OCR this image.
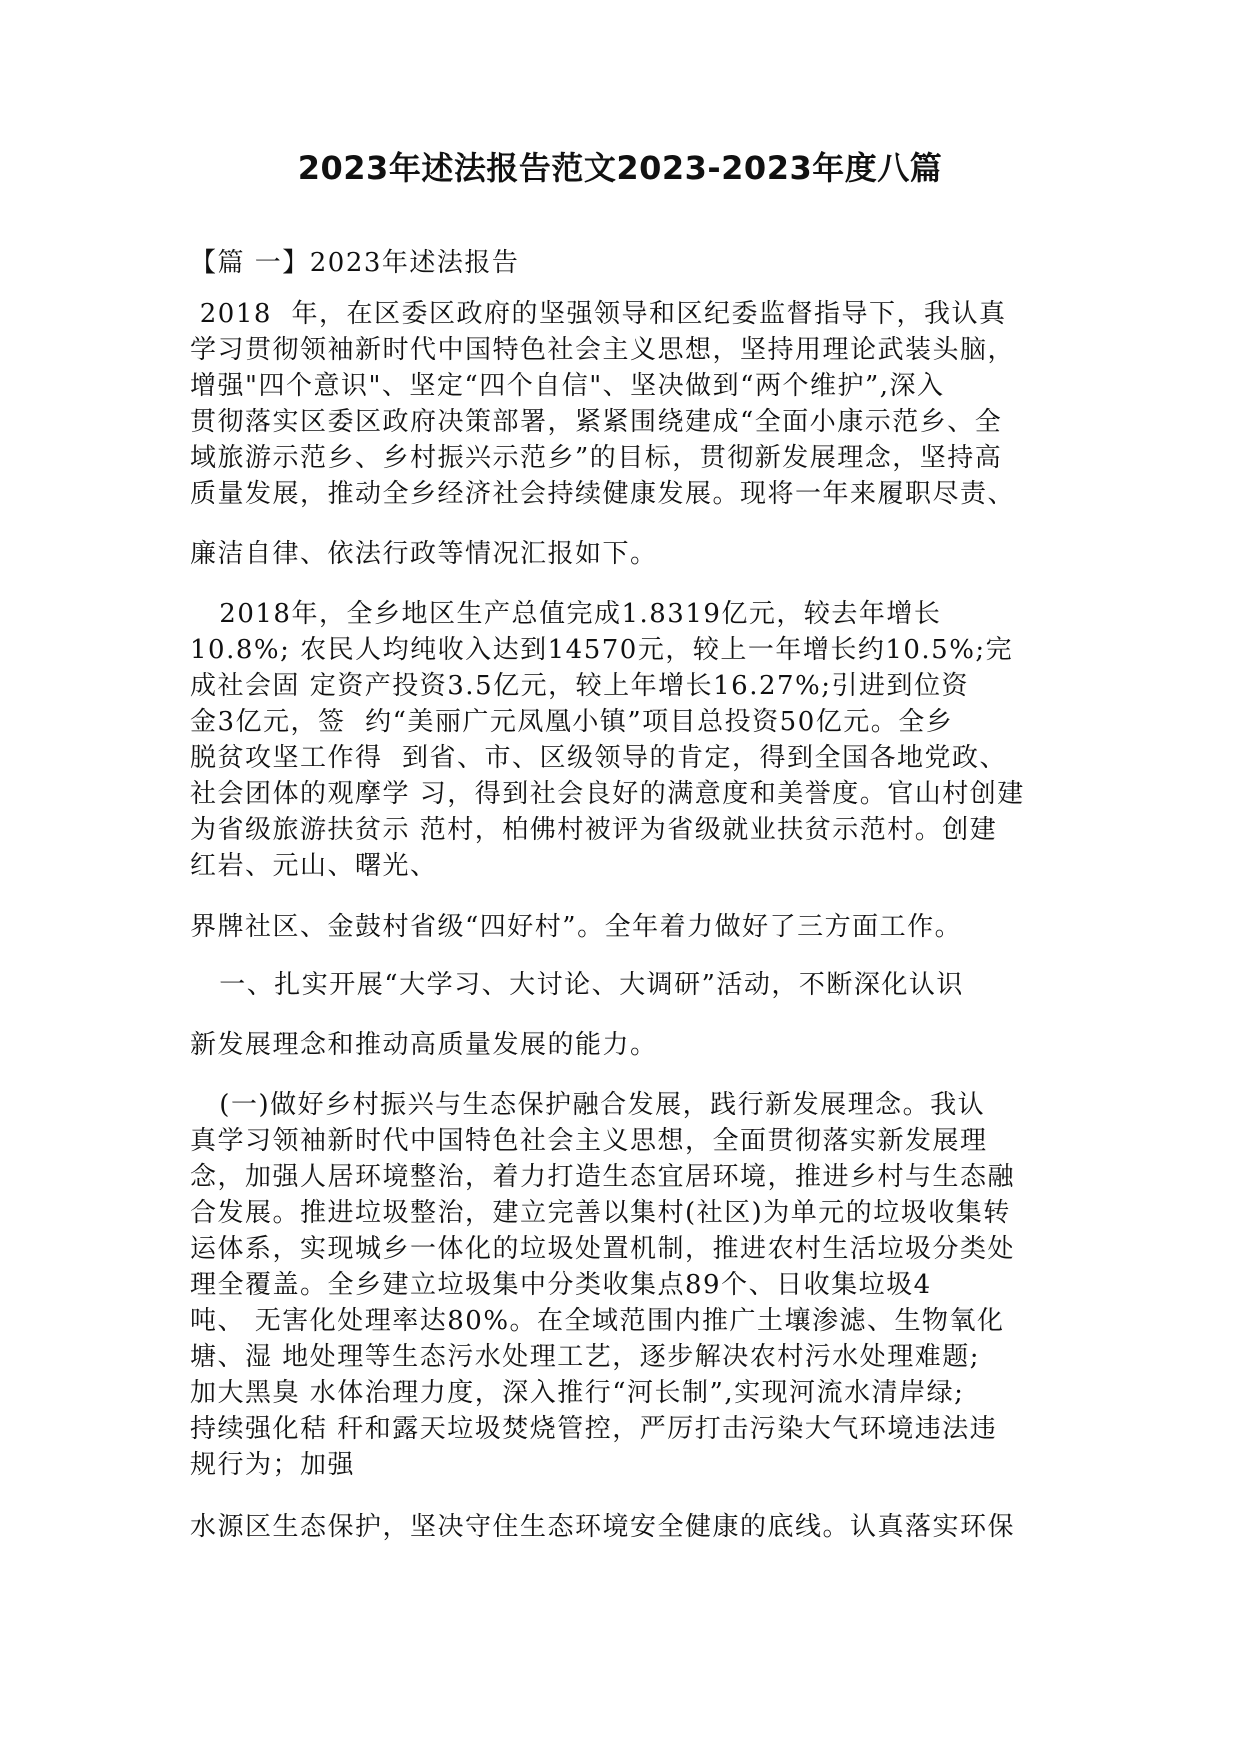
2023年述法报告范文2023-2023年度八篇
【篇 一】2023年述法报告
2018  年，在区委区政府的坚强领导和区纪委监督指导下，我认真
学习贯彻领袖新时代中国特色社会主义思想，坚持用理论武装头脑，
增强"四个意识"、坚定“四个自信"、坚决做到“两个维护”,深入
贯彻落实区委区政府决策部署，紧紧围绕建成“全面小康示范乡、全
域旅游示范乡、乡村振兴示范乡”的目标，贯彻新发展理念，坚持高
质量发展，推动全乡经济社会持续健康发展。现将一年来履职尽责、
廉洁自律、依法行政等情况汇报如下。
2018年，全乡地区生产总值完成1.8319亿元，较去年增长
10.8%; 农民人均纯收入达到14570元，较上一年增长约10.5%;完
成社会固 定资产投资3.5亿元，较上年增长16.27%;引进到位资
金3亿元，签  约“美丽广元凤凰小镇”项目总投资50亿元。全乡
脱贫攻坚工作得  到省、市、区级领导的肯定，得到全国各地党政、
社会团体的观摩学 习，得到社会良好的满意度和美誉度。官山村创建
为省级旅游扶贫示 范村，柏佛村被评为省级就业扶贫示范村。创建
红岩、元山、曙光、
界牌社区、金鼓村省级“四好村”。全年着力做好了三方面工作。
一、扎实开展“大学习、大讨论、大调研”活动，不断深化认识
新发展理念和推动高质量发展的能力。
(一)做好乡村振兴与生态保护融合发展，践行新发展理念。我认
真学习领袖新时代中国特色社会主义思想，全面贯彻落实新发展理
念，加强人居环境整治，着力打造生态宜居环境，推进乡村与生态融
合发展。推进垃圾整治，建立完善以集村(社区)为单元的垃圾收集转
运体系，实现城乡一体化的垃圾处置机制，推进农村生活垃圾分类处
理全覆盖。全乡建立垃圾集中分类收集点89个、日收集垃圾4
吨、 无害化处理率达80%。在全域范围内推广土壤渗滤、生物氧化
塘、湿 地处理等生态污水处理工艺，逐步解决农村污水处理难题;
加大黑臭 水体治理力度，深入推行“河长制”,实现河流水清岸绿;
持续强化秸 秆和露天垃圾焚烧管控，严厉打击污染大气环境违法违
规行为；加强
水源区生态保护，坚决守住生态环境安全健康的底线。认真落实环保
